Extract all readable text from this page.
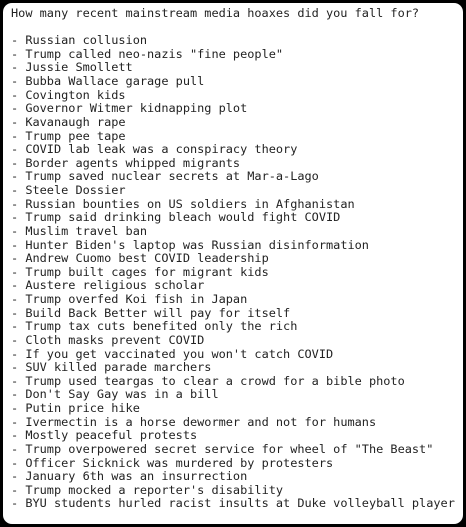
How many recent mainstream media hoaxes did you fall for?

- Russian collusion
- Trump called neo-nazis "fine people"
- Jussie Smollett
- Bubba Wallace garage pull
- Covington kids
- Governor Witmer kidnapping plot
- Kavanaugh rape
- Trump pee tape
- COVID lab leak was a conspiracy theory
- Border agents whipped migrants
- Trump saved nuclear secrets at Mar-a-Lago
- Steele Dossier
- Russian bounties on US soldiers in Afghanistan
- Trump said drinking bleach would fight COVID
- Muslim travel ban
- Hunter Biden's laptop was Russian disinformation
- Andrew Cuomo best COVID leadership
- Trump built cages for migrant kids
- Austere religious scholar
- Trump overfed Koi fish in Japan
- Build Back Better will pay for itself
- Trump tax cuts benefited only the rich
- Cloth masks prevent COVID
- If you get vaccinated you won't catch COVID
- SUV killed parade marchers
- Trump used teargas to clear a crowd for a bible photo
- Don't Say Gay was in a bill
- Putin price hike
- Ivermectin is a horse dewormer and not for humans
- Mostly peaceful protests
- Trump overpowered secret service for wheel of "The Beast"
- Officer Sicknick was murdered by protesters
- January 6th was an insurrection
- Trump mocked a reporter's disability
- BYU students hurled racist insults at Duke volleyball player
